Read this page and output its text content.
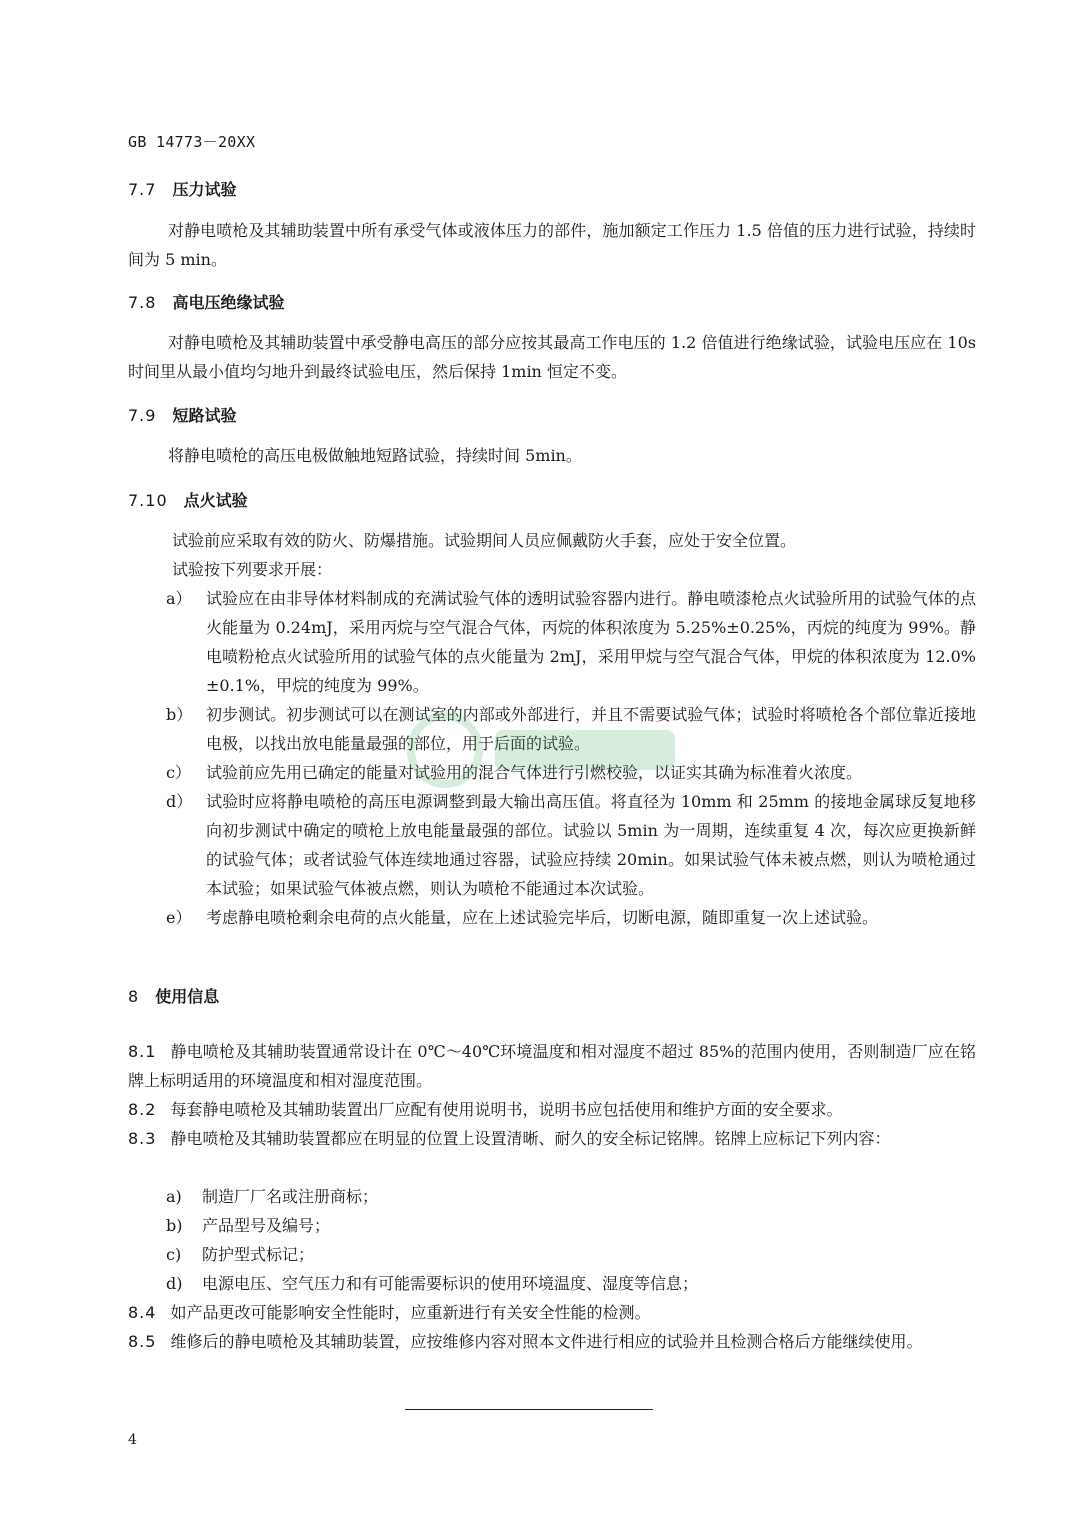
GB 14773－20XX
7.7 压力试验
对静电喷枪及其辅助装置中所有承受气体或液体压力的部件，施加额定工作压力 1.5 倍值的压力进行试验，持续时间为 5 min。
7.8 高电压绝缘试验
对静电喷枪及其辅助装置中承受静电高压的部分应按其最高工作电压的 1.2 倍值进行绝缘试验，试验电压应在 10s 时间里从最小值均匀地升到最终试验电压，然后保持 1min 恒定不变。
7.9 短路试验
将静电喷枪的高压电极做触地短路试验，持续时间 5min。
7.10 点火试验
试验前应采取有效的防火、防爆措施。试验期间人员应佩戴防火手套，应处于安全位置。
试验按下列要求开展：
a） 试验应在由非导体材料制成的充满试验气体的透明试验容器内进行。静电喷漆枪点火试验所用的试验气体的点火能量为 0.24mJ，采用丙烷与空气混合气体，丙烷的体积浓度为 5.25%±0.25%，丙烷的纯度为 99%。静电喷粉枪点火试验所用的试验气体的点火能量为 2mJ，采用甲烷与空气混合气体，甲烷的体积浓度为 12.0%±0.1%，甲烷的纯度为 99%。
b） 初步测试。初步测试可以在测试室的内部或外部进行，并且不需要试验气体；试验时将喷枪各个部位靠近接地电极，以找出放电能量最强的部位，用于后面的试验。
c） 试验前应先用已确定的能量对试验用的混合气体进行引燃校验，以证实其确为标准着火浓度。
d） 试验时应将静电喷枪的高压电源调整到最大输出高压值。将直径为 10mm 和 25mm 的接地金属球反复地移向初步测试中确定的喷枪上放电能量最强的部位。试验以 5min 为一周期，连续重复 4 次，每次应更换新鲜的试验气体；或者试验气体连续地通过容器，试验应持续 20min。如果试验气体未被点燃，则认为喷枪通过本试验；如果试验气体被点燃，则认为喷枪不能通过本次试验。
e） 考虑静电喷枪剩余电荷的点火能量，应在上述试验完毕后，切断电源，随即重复一次上述试验。
8 使用信息
8.1 静电喷枪及其辅助装置通常设计在 0℃～40℃环境温度和相对湿度不超过 85%的范围内使用，否则制造厂应在铭牌上标明适用的环境温度和相对湿度范围。
8.2 每套静电喷枪及其辅助装置出厂应配有使用说明书，说明书应包括使用和维护方面的安全要求。
8.3 静电喷枪及其辅助装置都应在明显的位置上设置清晰、耐久的安全标记铭牌。铭牌上应标记下列内容：
a) 制造厂厂名或注册商标；
b) 产品型号及编号；
c) 防护型式标记；
d) 电源电压、空气压力和有可能需要标识的使用环境温度、湿度等信息；
8.4 如产品更改可能影响安全性能时，应重新进行有关安全性能的检测。
8.5 维修后的静电喷枪及其辅助装置，应按维修内容对照本文件进行相应的试验并且检测合格后方能继续使用。
4
